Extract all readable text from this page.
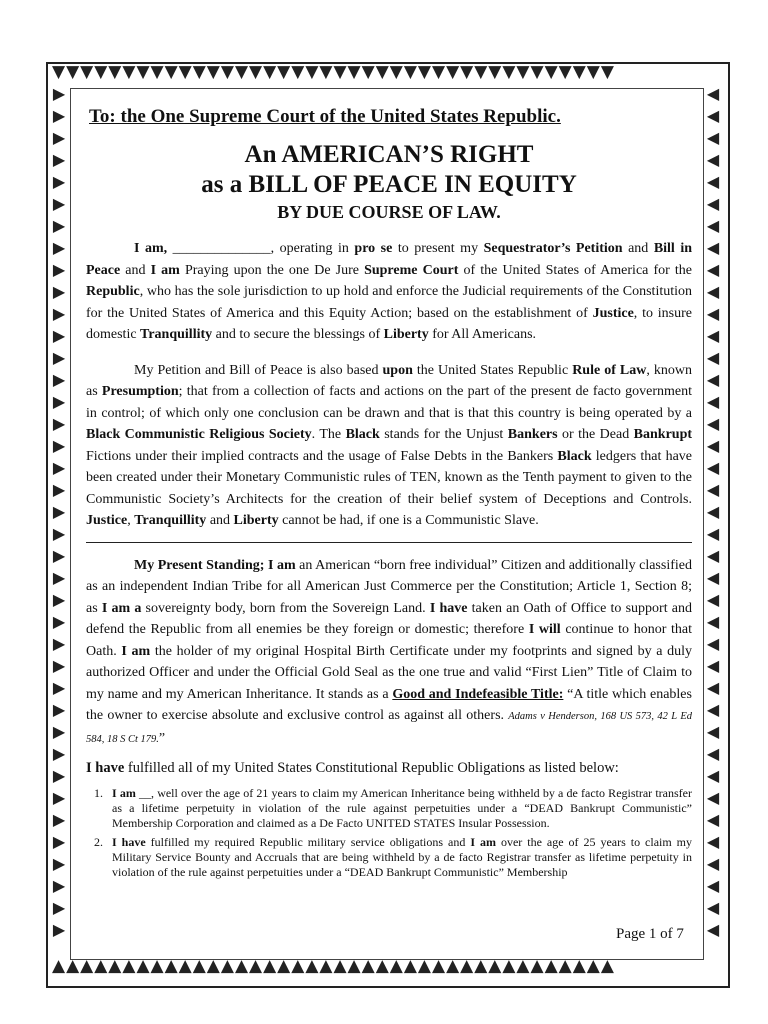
▼▼▼▼▼▼▼▼▼▼▼▼▼▼▼▼▼▼▼▼▼▼▼▼▼▼▼▼▼▼▼▼▼▼▼▼▼▼▼▼
▲▲▲▲▲▲▲▲▲▲▲▲▲▲▲▲▲▲▲▲▲▲▲▲▲▲▲▲▲▲▲▲▲▲▲▲▲▲▲▲
▶
▶
▶
▶
▶
▶
▶
▶
▶
▶
▶
▶
▶
▶
▶
▶
▶
▶
▶
▶
▶
▶
▶
▶
▶
▶
▶
▶
▶
▶
▶
▶
▶
▶
▶
▶
▶
▶
▶
◀
◀
◀
◀
◀
◀
◀
◀
◀
◀
◀
◀
◀
◀
◀
◀
◀
◀
◀
◀
◀
◀
◀
◀
◀
◀
◀
◀
◀
◀
◀
◀
◀
◀
◀
◀
◀
◀
◀
To: the One Supreme Court of the United States Republic.
An AMERICAN’S RIGHT
as a BILL OF PEACE IN EQUITY
BY DUE COURSE OF LAW.

I am, ______________, operating in pro se to present my Sequestrator’s Petition and Bill in Peace and I am Praying upon the one De Jure Supreme Court of the United States of America for the Republic, who has the sole jurisdiction to up hold and enforce the Judicial requirements of the Constitution for the United States of America and this Equity Action; based on the establishment of Justice, to insure domestic Tranquillity and to secure the blessings of Liberty for All Americans.

My Petition and Bill of Peace is also based upon the United States Republic Rule of Law, known as Presumption; that from a collection of facts and actions on the part of the present de facto government in control; of which only one conclusion can be drawn and that is that this country is being operated by a Black Communistic Religious Society. The Black stands for the Unjust Bankers or the Dead Bankrupt Fictions under their implied contracts and the usage of False Debts in the Bankers Black ledgers that have been created under their Monetary Communistic rules of TEN, known as the Tenth payment to given to the Communistic Society’s Architects for the creation of their belief system of Deceptions and Controls. Justice, Tranquillity and Liberty cannot be had, if one is a Communistic Slave.

My Present Standing; I am an American “born free individual” Citizen and additionally classified as an independent Indian Tribe for all American Just Commerce per the Constitution; Article 1, Section 8; as I am a sovereignty body, born from the Sovereign Land. I have taken an Oath of Office to support and defend the Republic from all enemies be they foreign or domestic; therefore I will continue to honor that Oath. I am the holder of my original Hospital Birth Certificate under my footprints and signed by a duly authorized Officer and under the Official Gold Seal as the one true and valid “First Lien” Title of Claim to my name and my American Inheritance. It stands as a Good and Indefeasible Title: “A title which enables the owner to exercise absolute and exclusive control as against all others. Adams v Henderson, 168 US 573, 42 L Ed 584, 18 S Ct 179.”

I have fulfilled all of my United States Constitutional Republic Obligations as listed below:

1. I am __, well over the age of 21 years to claim my American Inheritance being withheld by a de facto Registrar transfer as a lifetime perpetuity in violation of the rule against perpetuities under a “DEAD Bankrupt Communistic” Membership Corporation and claimed as a De Facto UNITED STATES Insular Possession.
2. I have fulfilled my required Republic military service obligations and I am over the age of 25 years to claim my Military Service Bounty and Accruals that are being withheld by a de facto Registrar transfer as lifetime perpetuity in violation of the rule against perpetuities under a “DEAD Bankrupt Communistic” Membership
Page 1 of 7
